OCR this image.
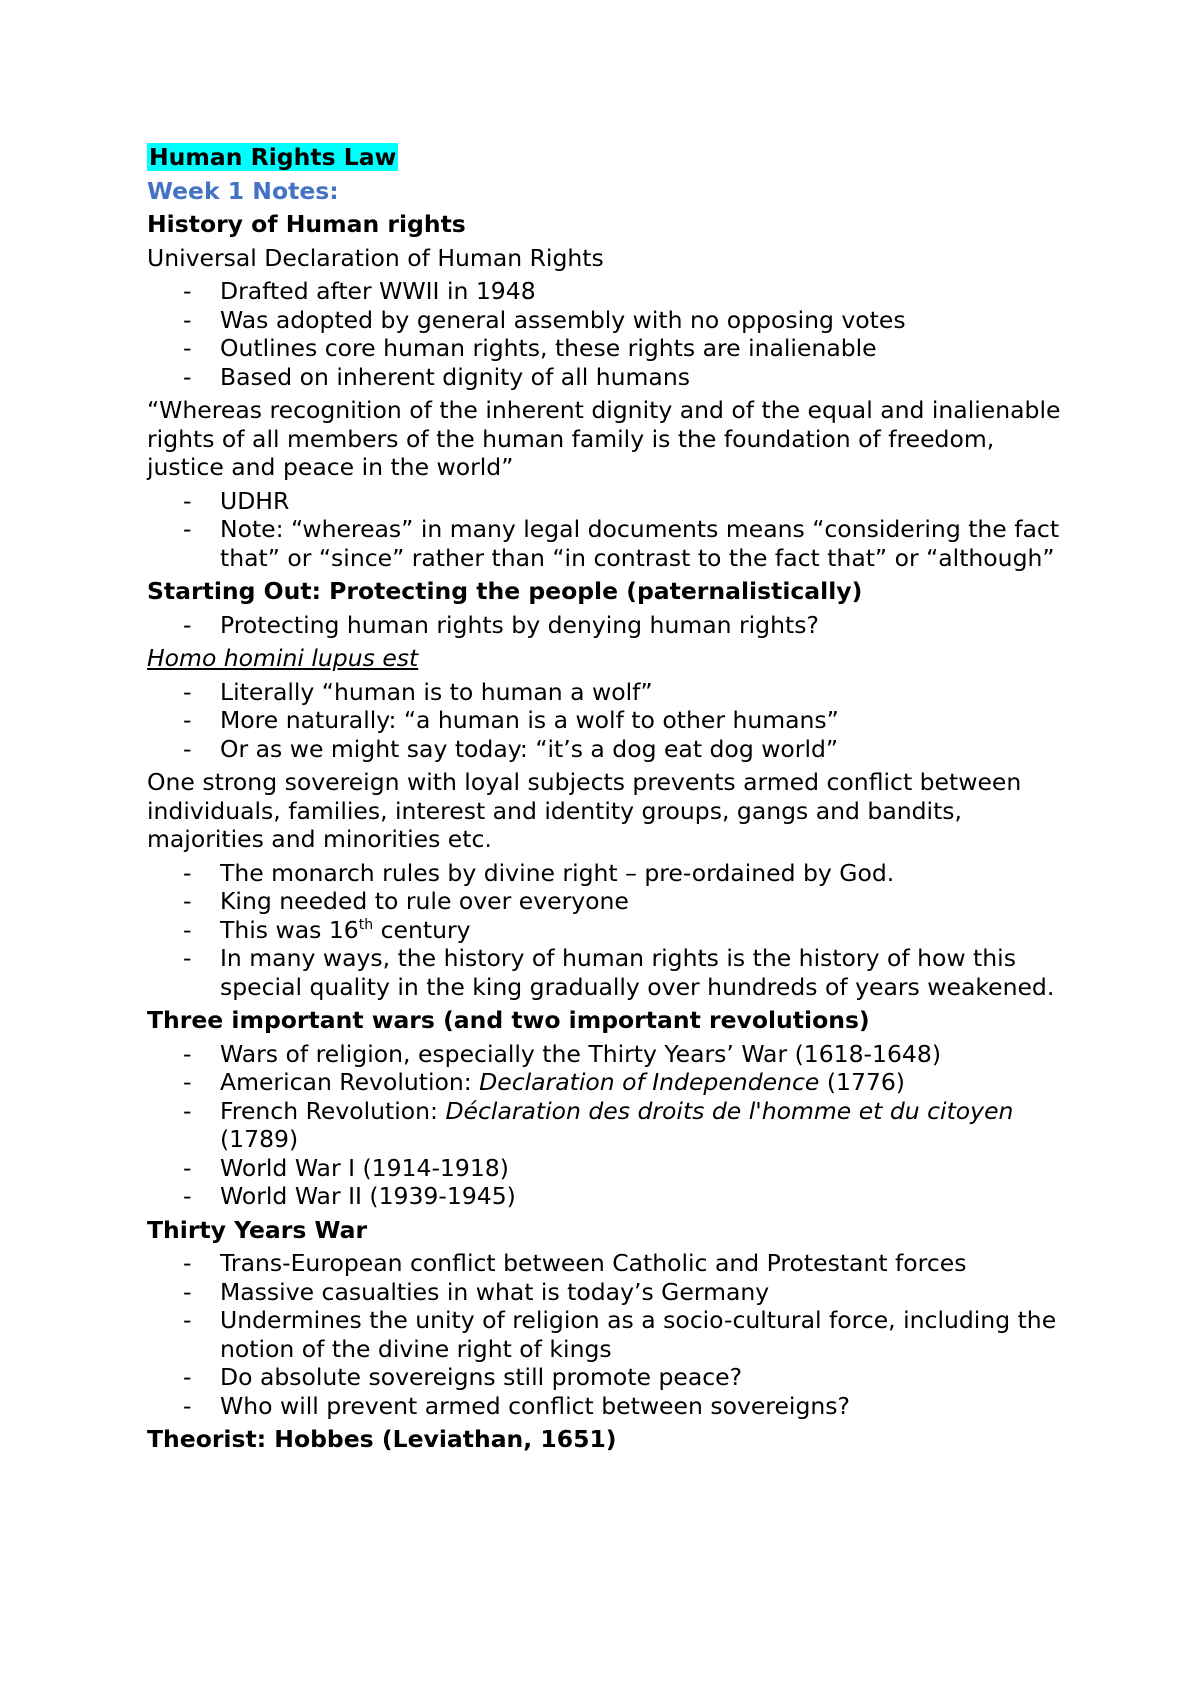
Human Rights Law
Week 1 Notes:
History of Human rights
Universal Declaration of Human Rights
- Drafted after WWII in 1948
- Was adopted by general assembly with no opposing votes
- Outlines core human rights, these rights are inalienable
- Based on inherent dignity of all humans
“Whereas recognition of the inherent dignity and of the equal and inalienable rights of all members of the human family is the foundation of freedom, justice and peace in the world”
- UDHR
- Note: “whereas” in many legal documents means “considering the fact that” or “since” rather than “in contrast to the fact that” or “although”
Starting Out: Protecting the people (paternalistically)
- Protecting human rights by denying human rights?
Homo homini lupus est
- Literally “human is to human a wolf”
- More naturally: “a human is a wolf to other humans”
- Or as we might say today: “it’s a dog eat dog world”
One strong sovereign with loyal subjects prevents armed conflict between individuals, families, interest and identity groups, gangs and bandits, majorities and minorities etc.
- The monarch rules by divine right – pre-ordained by God.
- King needed to rule over everyone
- This was 16th century
- In many ways, the history of human rights is the history of how this special quality in the king gradually over hundreds of years weakened.
Three important wars (and two important revolutions)
- Wars of religion, especially the Thirty Years’ War (1618-1648)
- American Revolution: Declaration of Independence (1776)
- French Revolution: Déclaration des droits de l'homme et du citoyen (1789)
- World War I (1914-1918)
- World War II (1939-1945)
Thirty Years War
- Trans-European conflict between Catholic and Protestant forces
- Massive casualties in what is today’s Germany
- Undermines the unity of religion as a socio-cultural force, including the notion of the divine right of kings
- Do absolute sovereigns still promote peace?
- Who will prevent armed conflict between sovereigns?
Theorist: Hobbes (Leviathan, 1651)
